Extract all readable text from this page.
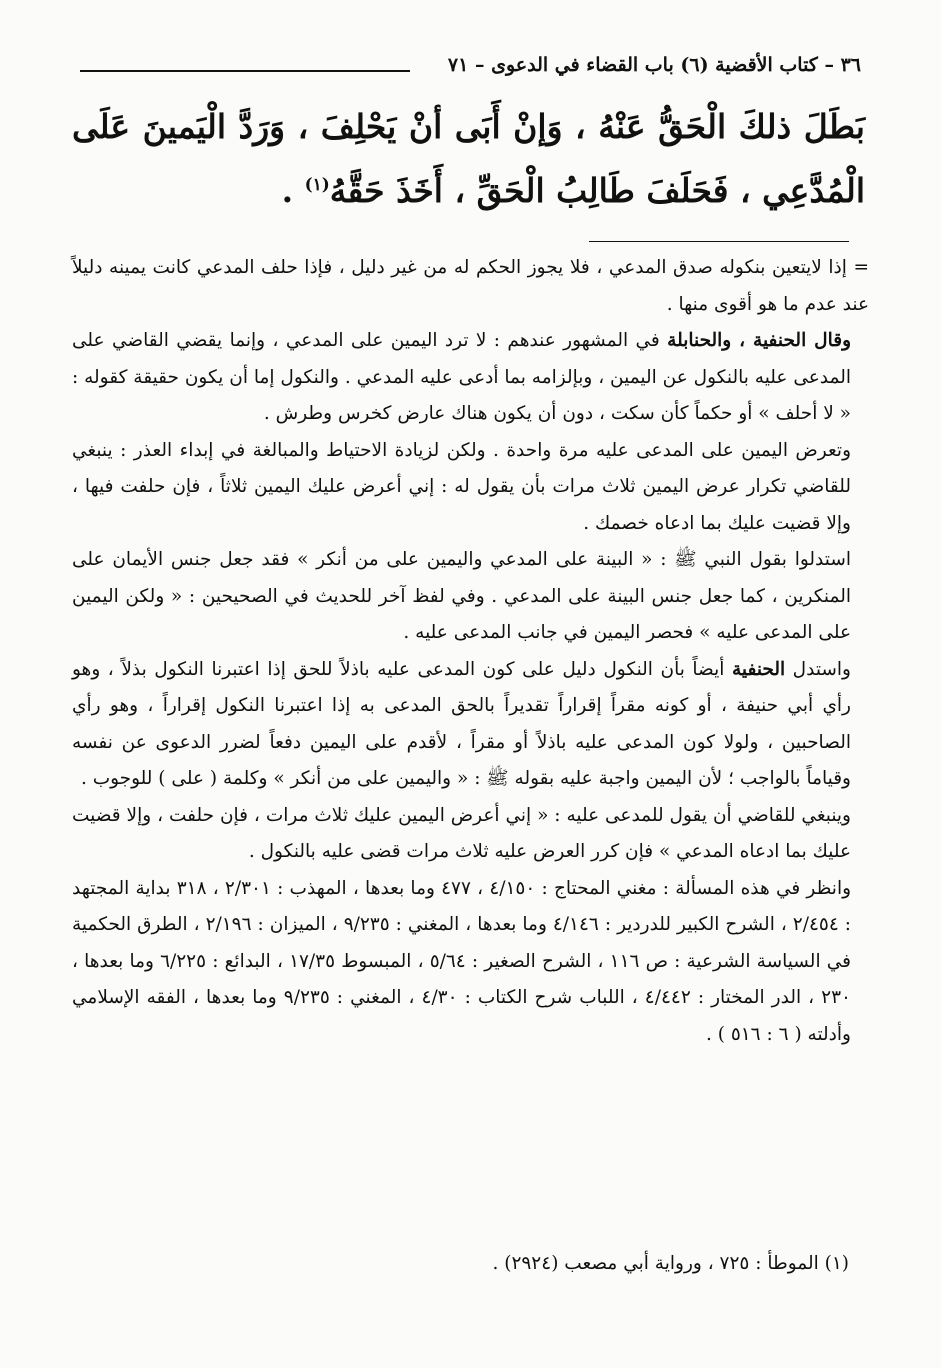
٣٦ – كتاب الأقضية (٦) باب القضاء في الدعوى – ٧١
بَطَلَ ذلكَ الْحَقُّ عَنْهُ ، وَإنْ أَبَى أنْ يَحْلِفَ ، وَرَدَّ الْيَمينَ عَلَى الْمُدَّعِي ، فَحَلَفَ طَالِبُ الْحَقِّ ، أَخَذَ حَقَّهُ$^{(١)}$ .

= إذا لايتعين بنكوله صدق المدعي ، فلا يجوز الحكم له من غير دليل ، فإذا حلف المدعي كانت يمينه دليلاً عند عدم ما هو أقوى منها .

وقال الحنفية ، والحنابلة في المشهور عندهم : لا ترد اليمين على المدعي ، وإنما يقضي القاضي على المدعى عليه بالنكول عن اليمين ، وبإلزامه بما أدعى عليه المدعي . والنكول إما أن يكون حقيقة كقوله : « لا أحلف » أو حكماً كأن سكت ، دون أن يكون هناك عارض كخرس وطرش .

وتعرض اليمين على المدعى عليه مرة واحدة . ولكن لزيادة الاحتياط والمبالغة في إبداء العذر : ينبغي للقاضي تكرار عرض اليمين ثلاث مرات بأن يقول له : إني أعرض عليك اليمين ثلاثاً ، فإن حلفت فيها ، وإلا قضيت عليك بما ادعاه خصمك .

استدلوا بقول النبي ﷺ : « البينة على المدعي واليمين على من أنكر » فقد جعل جنس الأيمان على المنكرين ، كما جعل جنس البينة على المدعي . وفي لفظ آخر للحديث في الصحيحين : « ولكن اليمين على المدعى عليه » فحصر اليمين في جانب المدعى عليه .

واستدل الحنفية أيضاً بأن النكول دليل على كون المدعى عليه باذلاً للحق إذا اعتبرنا النكول بذلاً ، وهو رأي أبي حنيفة ، أو كونه مقراً إقراراً تقديراً بالحق المدعى به إذا اعتبرنا النكول إقراراً ، وهو رأي الصاحبين ، ولولا كون المدعى عليه باذلاً أو مقراً ، لأقدم على اليمين دفعاً لضرر الدعوى عن نفسه وقياماً بالواجب ؛ لأن اليمين واجبة عليه بقوله ﷺ : « واليمين على من أنكر » وكلمة ( على ) للوجوب .

وينبغي للقاضي أن يقول للمدعى عليه : « إني أعرض اليمين عليك ثلاث مرات ، فإن حلفت ، وإلا قضيت عليك بما ادعاه المدعي » فإن كرر العرض عليه ثلاث مرات قضى عليه بالنكول .

وانظر في هذه المسألة : مغني المحتاج : ٤/١٥٠ ، ٤٧٧ وما بعدها ، المهذب : ٢/٣٠١ ، ٣١٨ بداية المجتهد : ٢/٤٥٤ ، الشرح الكبير للدردير : ٤/١٤٦ وما بعدها ، المغني : ٩/٢٣٥ ، الميزان : ٢/١٩٦ ، الطرق الحكمية في السياسة الشرعية : ص ١١٦ ، الشرح الصغير : ٥/٦٤ ، المبسوط ١٧/٣٥ ، البدائع : ٦/٢٢٥ وما بعدها ، ٢٣٠ ، الدر المختار : ٤/٤٤٢ ، اللباب شرح الكتاب : ٤/٣٠ ، المغني : ٩/٢٣٥ وما بعدها ، الفقه الإسلامي وأدلته ( ٦ : ٥١٦ ) .

(١) الموطأ : ٧٢٥ ، ورواية أبي مصعب (٢٩٢٤) .
